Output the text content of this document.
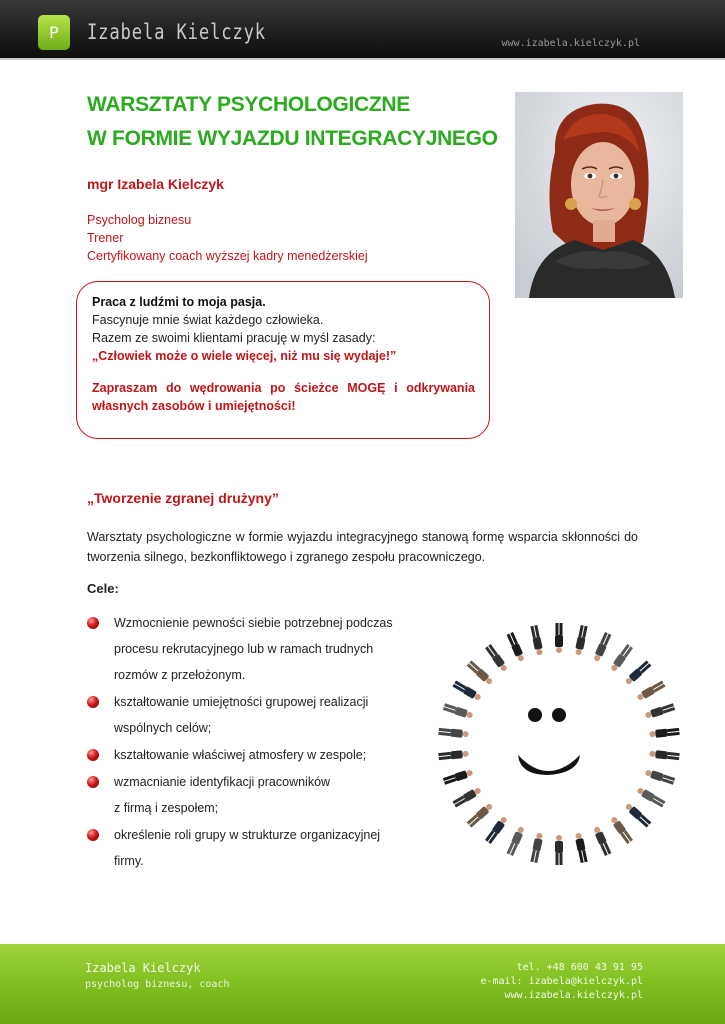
P	Izabela Kielczyk	www.izabela.kielczyk.pl
WARSZTATY PSYCHOLOGICZNE
W FORMIE WYJAZDU INTEGRACYJNEGO
mgr Izabela Kielczyk
Psycholog biznesu
Trener
Certyfikowany coach wyższej kadry menedżerskiej
Praca z ludźmi to moja pasja.
Fascynuje mnie świat każdego człowieka.
Razem ze swoimi klientami pracuję w myśl zasady:
„Człowiek może o wiele więcej, niż mu się wydaje!”
Zapraszam do wędrowania po ścieżce MOGĘ i odkrywania własnych zasobów i umiejętności!
„Tworzenie zgranej drużyny”
Warsztaty psychologiczne w formie wyjazdu integracyjnego stanową formę wsparcia skłonności do tworzenia silnego, bezkonfliktowego i zgranego zespołu pracowniczego.
Cele:
Wzmocnienie pewności siebie potrzebnej podczas
procesu rekrutacyjnego lub w ramach trudnych
rozmów z przełożonym.
kształtowanie umiejętności grupowej realizacji
wspólnych celów;
kształtowanie właściwej atmosfery w zespole;
wzmacnianie identyfikacji pracowników
z firmą i zespołem;
określenie roli grupy w strukturze organizacyjnej
firmy.
Izabela Kielczyk
psycholog biznesu, coach
tel. +48 600 43 91 95
e-mail: izabela@kielczyk.pl
www.izabela.kielczyk.pl
